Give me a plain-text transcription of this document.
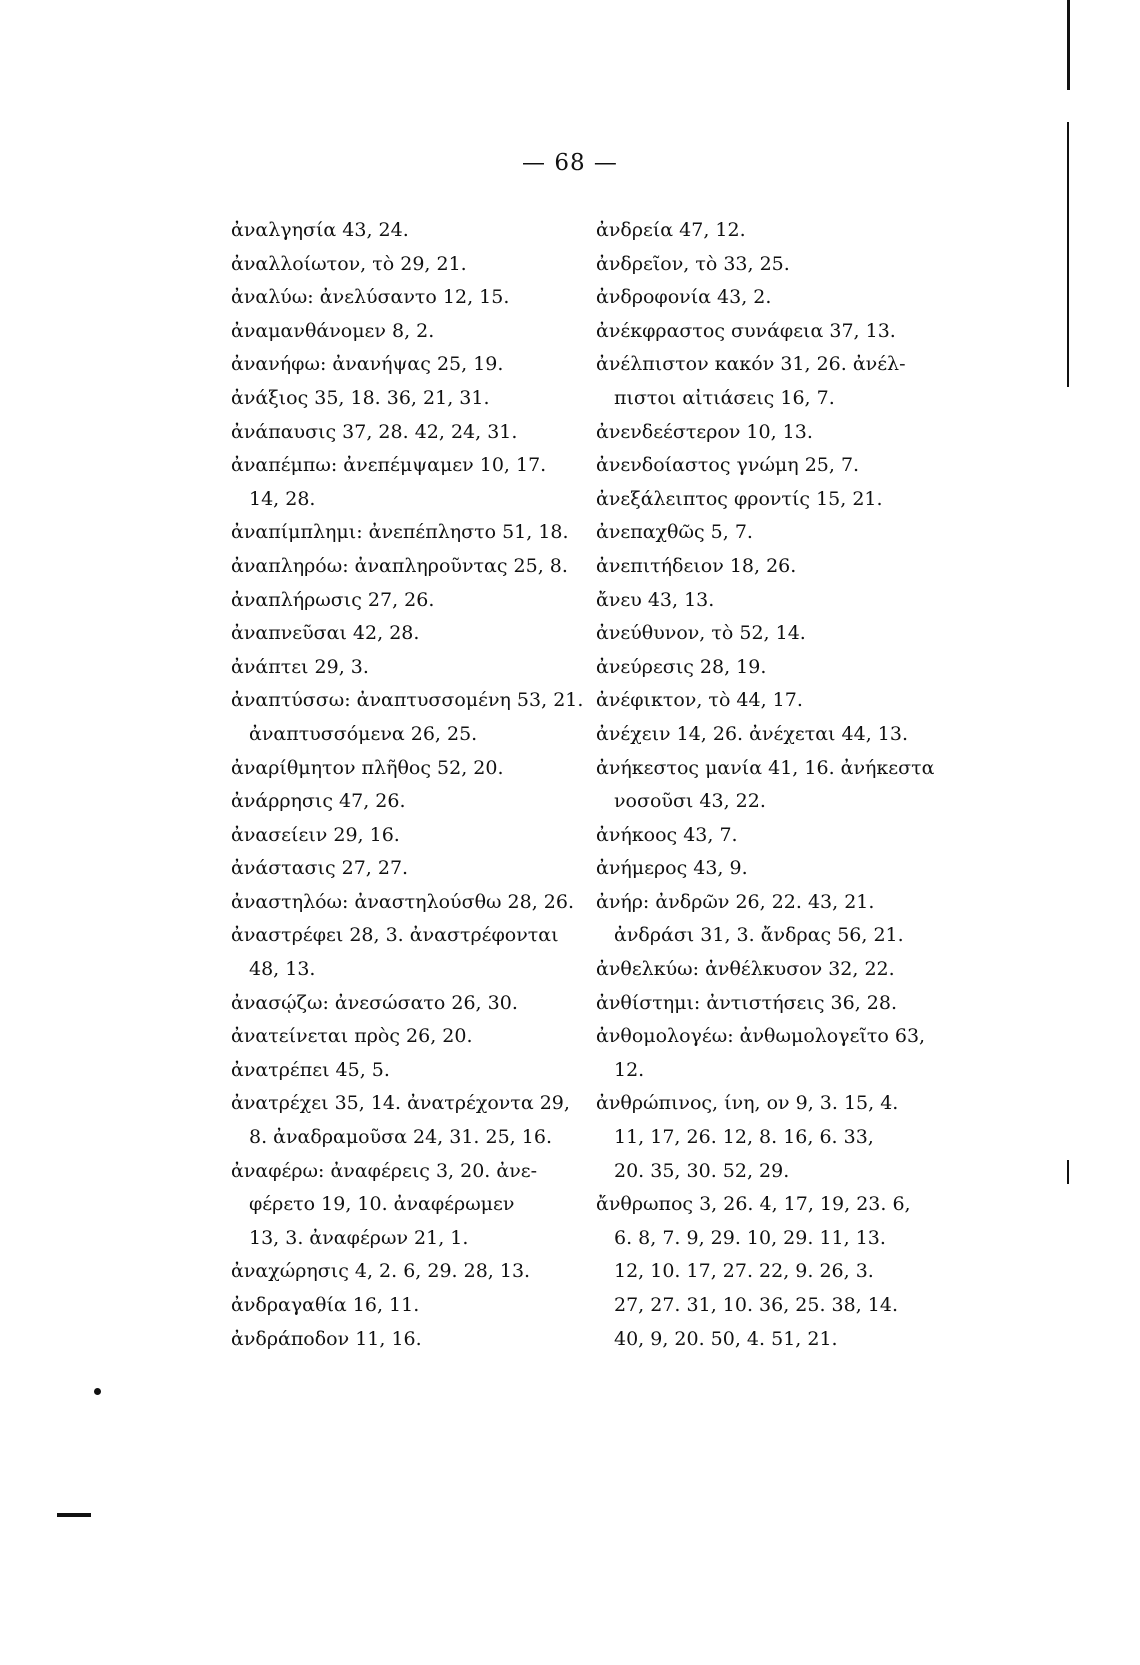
— 68 —
ἀναλγησία 43, 24.
ἀναλλοίωτον, τὸ 29, 21.
ἀναλύω: ἀνελύσαντο 12, 15.
ἀναμανθάνομεν 8, 2.
ἀνανήφω: ἀνανήψας 25, 19.
ἀνάξιος 35, 18. 36, 21, 31.
ἀνάπαυσις 37, 28. 42, 24, 31.
ἀναπέμπω: ἀνεπέμψαμεν 10, 17.
14, 28.
ἀναπίμπλημι: ἀνεπέπληστο 51, 18.
ἀναπληρόω: ἀναπληροῦντας 25, 8.
ἀναπλήρωσις 27, 26.
ἀναπνεῦσαι 42, 28.
ἀνάπτει 29, 3.
ἀναπτύσσω: ἀναπτυσσομένη 53, 21.
ἀναπτυσσόμενα 26, 25.
ἀναρίθμητον πλῆθος 52, 20.
ἀνάρρησις 47, 26.
ἀνασείειν 29, 16.
ἀνάστασις 27, 27.
ἀναστηλόω: ἀναστηλούσθω 28, 26.
ἀναστρέφει 28, 3. ἀναστρέφονται
48, 13.
ἀνασῴζω: ἀνεσώσατο 26, 30.
ἀνατείνεται πρὸς 26, 20.
ἀνατρέπει 45, 5.
ἀνατρέχει 35, 14. ἀνατρέχοντα 29,
8. ἀναδραμοῦσα 24, 31. 25, 16.
ἀναφέρω: ἀναφέρεις 3, 20. ἀνε-
φέρετο 19, 10. ἀναφέρωμεν
13, 3. ἀναφέρων 21, 1.
ἀναχώρησις 4, 2. 6, 29. 28, 13.
ἀνδραγαθία 16, 11.
ἀνδράποδον 11, 16.
ἀνδρεία 47, 12.
ἀνδρεῖον, τὸ 33, 25.
ἀνδροφονία 43, 2.
ἀνέκφραστος συνάφεια 37, 13.
ἀνέλπιστον κακόν 31, 26. ἀνέλ-
πιστοι αἰτιάσεις 16, 7.
ἀνενδεέστερον 10, 13.
ἀνενδοίαστος γνώμη 25, 7.
ἀνεξάλειπτος φροντίς 15, 21.
ἀνεπαχθῶς 5, 7.
ἀνεπιτήδειον 18, 26.
ἄνευ 43, 13.
ἀνεύθυνον, τὸ 52, 14.
ἀνεύρεσις 28, 19.
ἀνέφικτον, τὸ 44, 17.
ἀνέχειν 14, 26. ἀνέχεται 44, 13.
ἀνήκεστος μανία 41, 16. ἀνήκεστα
νοσοῦσι 43, 22.
ἀνήκοος 43, 7.
ἀνήμερος 43, 9.
ἀνήρ: ἀνδρῶν 26, 22. 43, 21.
ἀνδράσι 31, 3. ἄνδρας 56, 21.
ἀνθελκύω: ἀνθέλκυσον 32, 22.
ἀνθίστημι: ἀντιστήσεις 36, 28.
ἀνθομολογέω: ἀνθωμολογεῖτο 63,
12.
ἀνθρώπινος, ίνη, ον 9, 3. 15, 4.
11, 17, 26. 12, 8. 16, 6. 33,
20. 35, 30. 52, 29.
ἄνθρωπος 3, 26. 4, 17, 19, 23. 6,
6. 8, 7. 9, 29. 10, 29. 11, 13.
12, 10. 17, 27. 22, 9. 26, 3.
27, 27. 31, 10. 36, 25. 38, 14.
40, 9, 20. 50, 4. 51, 21.
